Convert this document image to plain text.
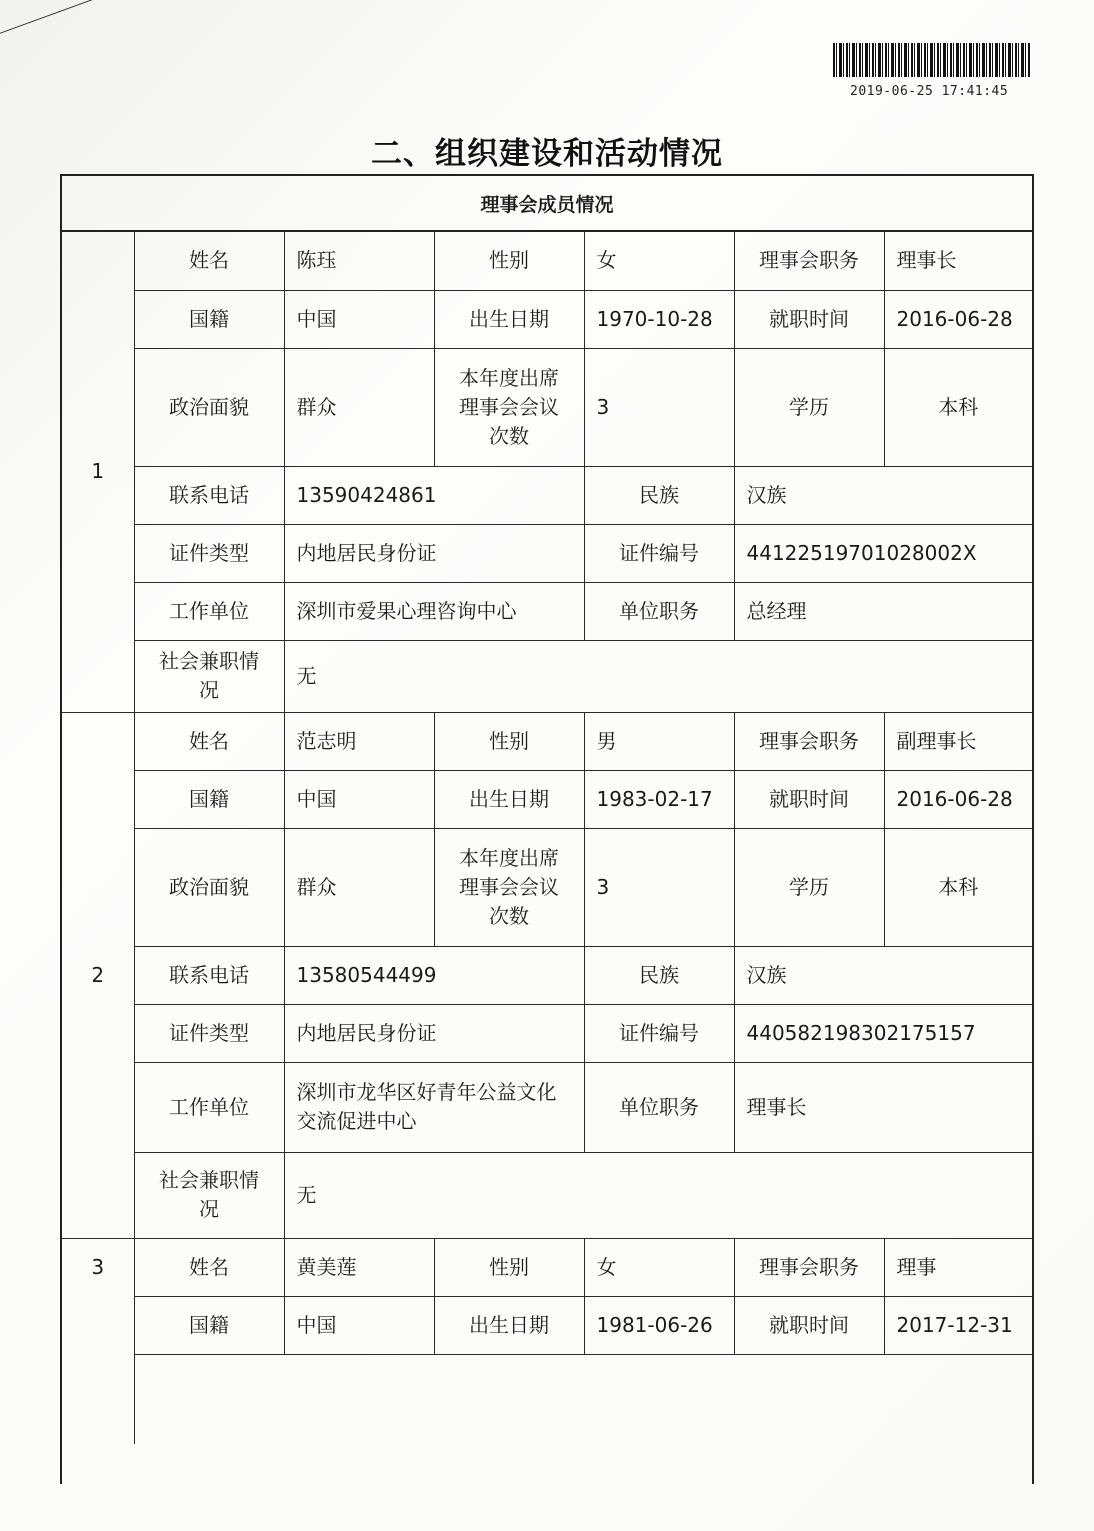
2019-06-25 17:41:45
二、组织建设和活动情况
理事会成员情况
1	姓名	陈珏	性别	女	理事会职务	理事长
	国籍	中国	出生日期	1970-10-28	就职时间	2016-06-28
	政治面貌	群众	本年度出席
理事会会议
次数	3	学历	本科
	联系电话	13590424861		民族	汉族	
	证件类型	内地居民身份证		证件编号	44122519701028002X	
	工作单位	深圳市爱果心理咨询中心		单位职务	总经理	

	社会兼职情
况	无				
2	姓名	范志明	性别	男	理事会职务	副理事长
	国籍	中国	出生日期	1983-02-17	就职时间	2016-06-28
	政治面貌	群众	本年度出席
理事会会议
次数	3	学历	本科
	联系电话	13580544499		民族	汉族	
	证件类型	内地居民身份证		证件编号	440582198302175157	
	工作单位	深圳市龙华区好青年公益文化
交流促进中心		单位职务	理事长	

	社会兼职情
况	无				
3	姓名	黄美莲	性别	女	理事会职务	理事
	国籍	中国	出生日期	1981-06-26	就职时间	2017-12-31
